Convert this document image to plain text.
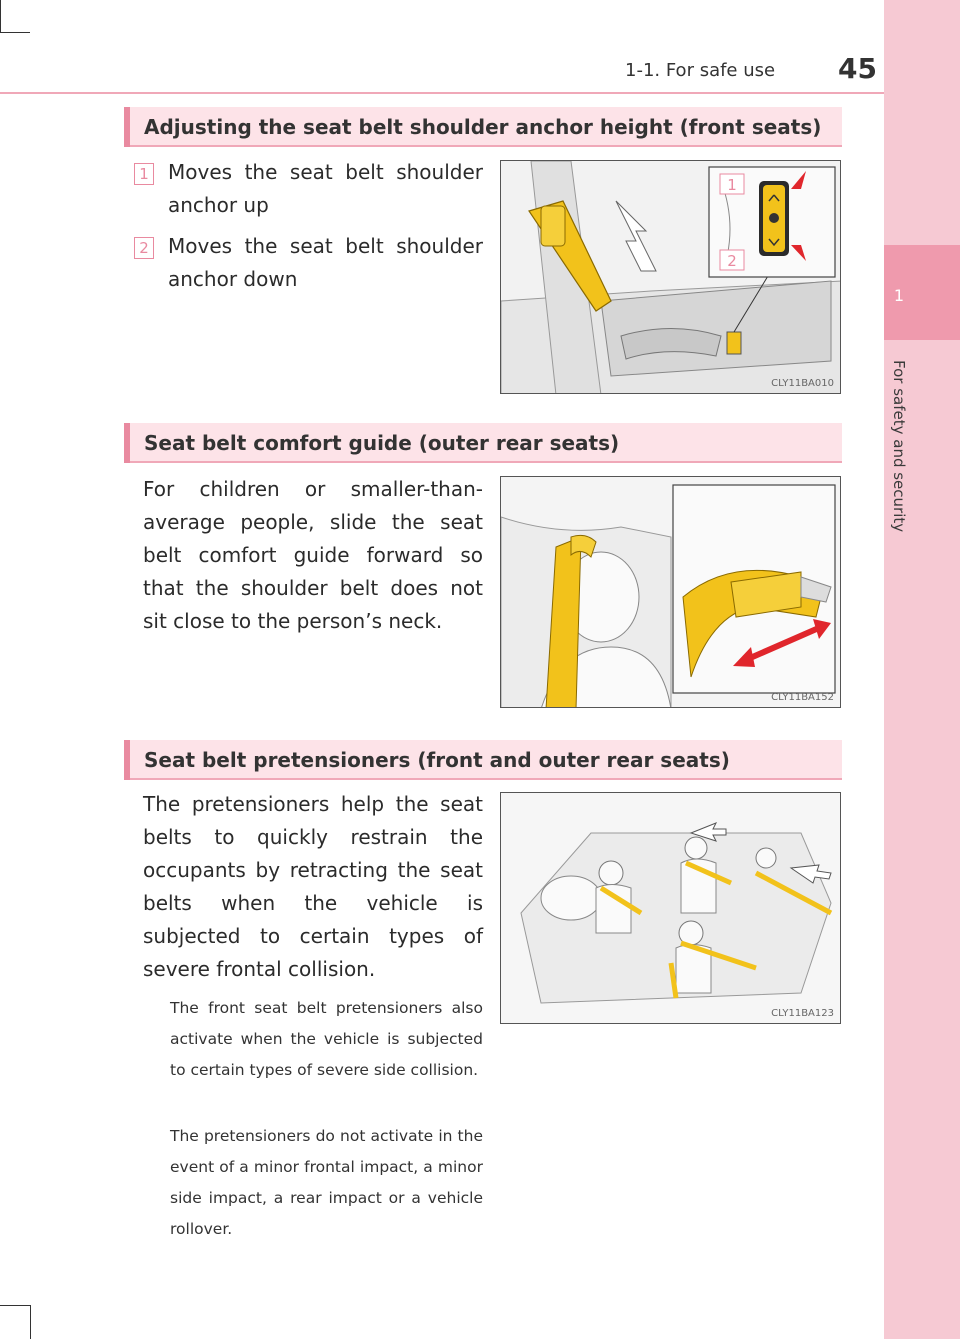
1
For safety and security
1-1. For safe use 45
Adjusting the seat belt shoulder anchor height (front seats)
1 Moves the seat belt shoulder anchor up
2 Moves the seat belt shoulder anchor down
1
2
CLY11BA010
Seat belt comfort guide (outer rear seats)
For children or smaller-than-average people, slide the seat belt comfort guide forward so that the shoulder belt does not sit close to the person’s neck.
CLY11BA152
Seat belt pretensioners (front and outer rear seats)
The pretensioners help the seat belts to quickly restrain the occupants by retracting the seat belts when the vehicle is subjected to certain types of severe frontal collision.
The front seat belt pretensioners also activate when the vehicle is subjected to certain types of severe side collision.
The pretensioners do not activate in the event of a minor frontal impact, a minor side impact, a rear impact or a vehicle rollover.
CLY11BA123
